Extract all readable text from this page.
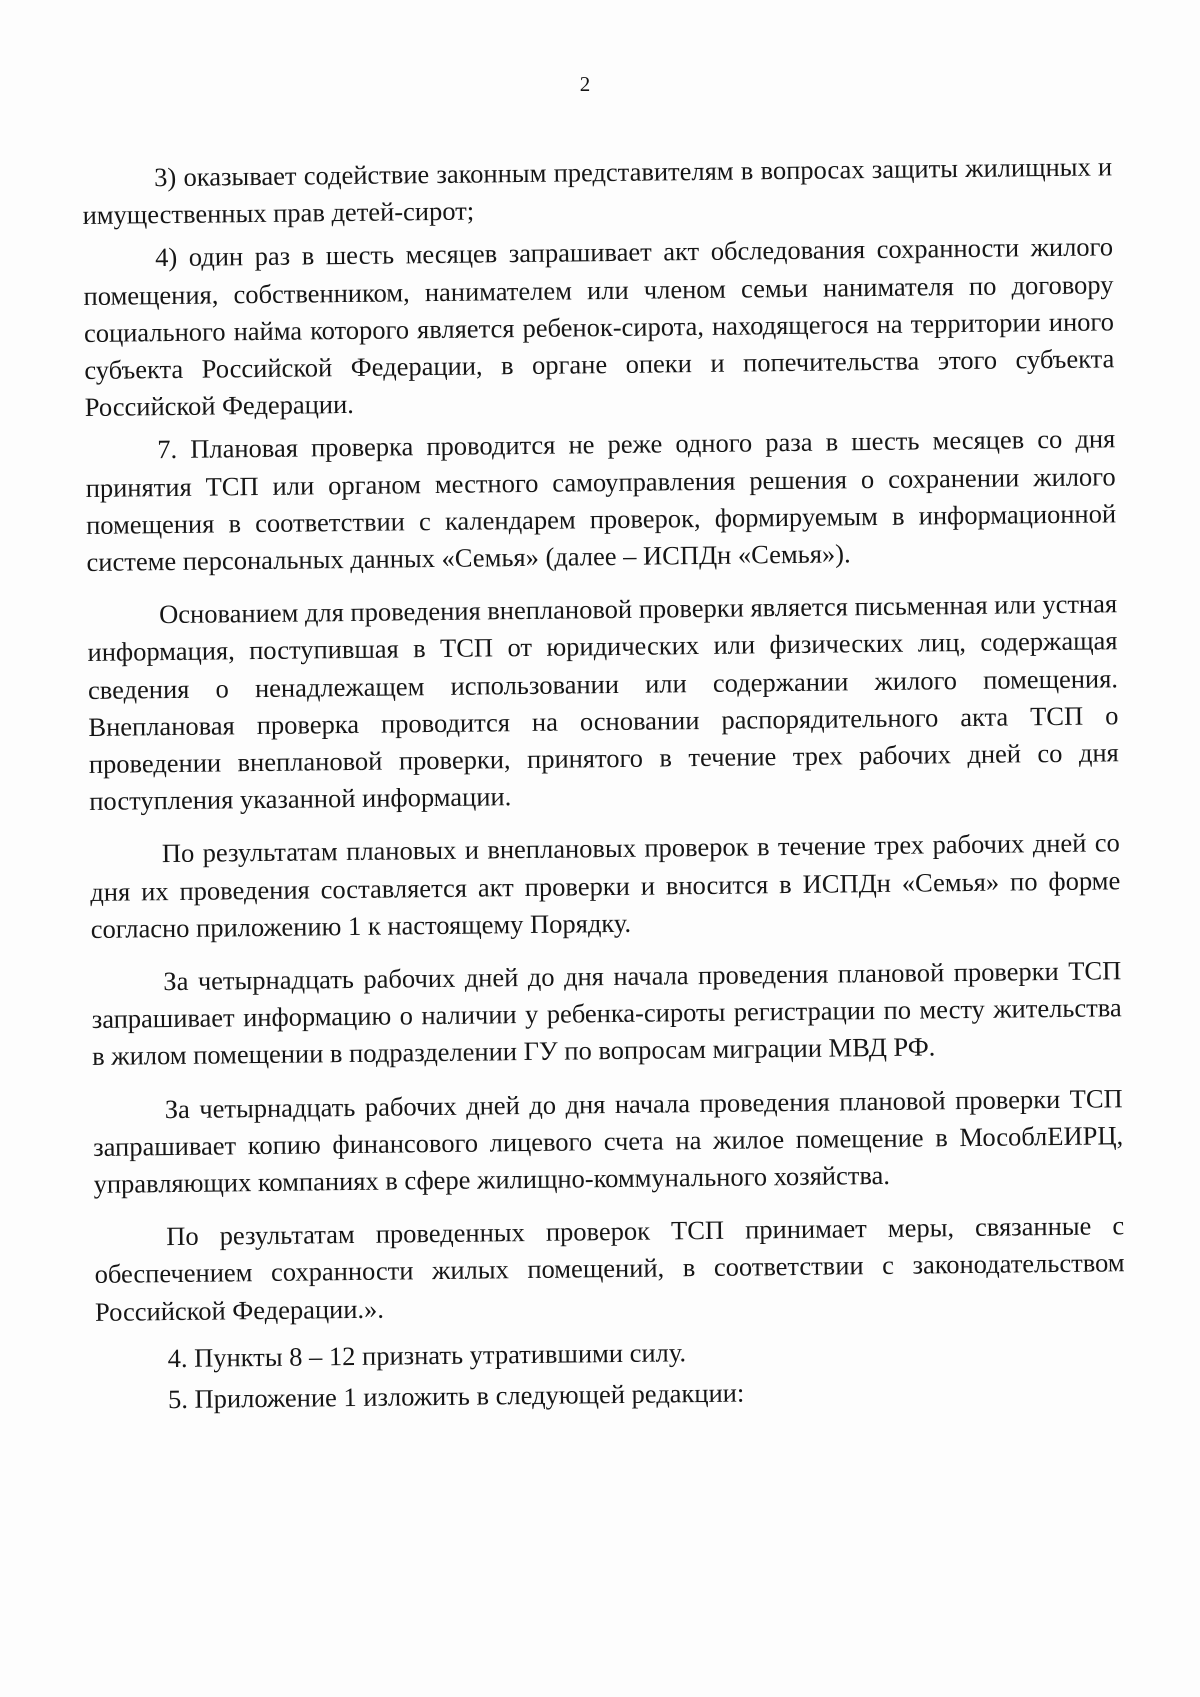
2

3) оказывает содействие законным представителям в вопросах защиты жилищных и имущественных прав детей-сирот;

4) один раз в шесть месяцев запрашивает акт обследования сохранности жилого помещения, собственником, нанимателем или членом семьи нанимателя по договору социального найма которого является ребенок-сирота, находящегося на территории иного субъекта Российской Федерации, в органе опеки и попечительства этого субъекта Российской Федерации.

7. Плановая проверка проводится не реже одного раза в шесть месяцев со дня принятия ТСП или органом местного самоуправления решения о сохранении жилого помещения в соответствии с календарем проверок, формируемым в информационной системе персональных данных «Семья» (далее – ИСПДн «Семья»).

Основанием для проведения внеплановой проверки является письменная или устная информация, поступившая в ТСП от юридических или физических лиц, содержащая сведения о ненадлежащем использовании или содержании жилого помещения. Внеплановая проверка проводится на основании распорядительного акта ТСП о проведении внеплановой проверки, принятого в течение трех рабочих дней со дня поступления указанной информации.

По результатам плановых и внеплановых проверок в течение трех рабочих дней со дня их проведения составляется акт проверки и вносится в ИСПДн «Семья» по форме согласно приложению 1 к настоящему Порядку.

За четырнадцать рабочих дней до дня начала проведения плановой проверки ТСП запрашивает информацию о наличии у ребенка-сироты регистрации по месту жительства в жилом помещении в подразделении ГУ по вопросам миграции МВД РФ.

За четырнадцать рабочих дней до дня начала проведения плановой проверки ТСП запрашивает копию финансового лицевого счета на жилое помещение в МособлЕИРЦ, управляющих компаниях в сфере жилищно-коммунального хозяйства.

По результатам проведенных проверок ТСП принимает меры, связанные с обеспечением сохранности жилых помещений, в соответствии с законодательством Российской Федерации.».

4. Пункты 8 – 12 признать утратившими силу.

5. Приложение 1 изложить в следующей редакции:
